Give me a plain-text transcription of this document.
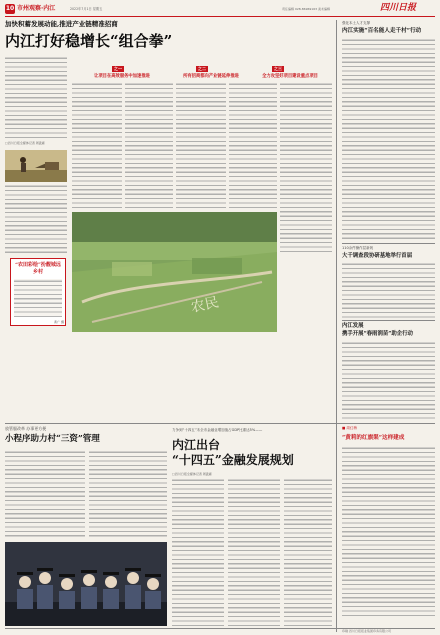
10 市州观察·内江	2022年7月1日 星期五	责任编辑 028-86969163 美术编辑	四川日报
加快积蓄发展动能,推进产业链精准招商
内江打好稳增长“组合拳”
□四川日报全媒体记者 周汲霖
之一
让项目在高效服务中加速推进
之二
所有招商都向产业链延伸推进
之三
全力攻坚好项目建设重点项目
农民
“农田彩绘”扮靓城远乡村
黄广 摄
强化本土人才支撑
内江实施“百名能人走千村”行动
110余件操作层新规
大千调查段协研基地举行首届
内江发展
携手开展“春雨润苗”助企行动
放管服改革 办事更方便
小程序助力村“三资”管理
力争到“十四五”末全市金融业增加值占GDP比重达5%——
内江出台
“十四五”金融发展规划
□四川日报全媒体记者 周汲霖
■ 周红梅
“黄莉的红旗渠”这样建成
印刷 四川日报报业集团印务有限公司
